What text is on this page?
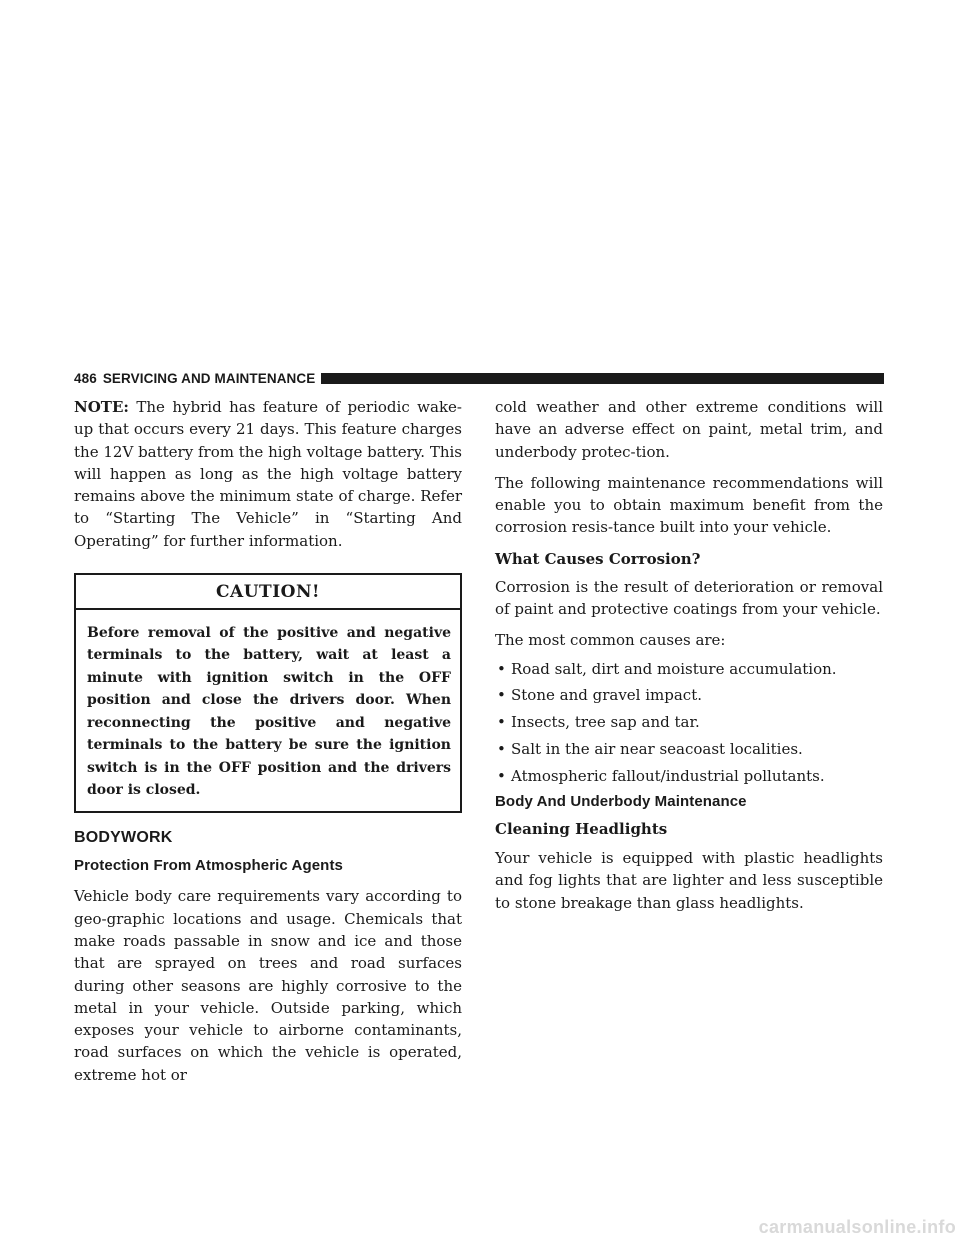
486 SERVICING AND MAINTENANCE

NOTE: The hybrid has feature of periodic wake-up that occurs every 21 days. This feature charges the 12V battery from the high voltage battery. This will happen as long as the high voltage battery remains above the minimum state of charge. Refer to “Starting The Vehicle” in “Starting And Operating” for further information.

CAUTION!
Before removal of the positive and negative terminals to the battery, wait at least a minute with ignition switch in the OFF position and close the drivers door. When reconnecting the positive and negative terminals to the battery be sure the ignition switch is in the OFF position and the drivers door is closed.
BODYWORK
Protection From Atmospheric Agents

Vehicle body care requirements vary according to geo-graphic locations and usage. Chemicals that make roads passable in snow and ice and those that are sprayed on trees and road surfaces during other seasons are highly corrosive to the metal in your vehicle. Outside parking, which exposes your vehicle to airborne contaminants, road surfaces on which the vehicle is operated, extreme hot or

cold weather and other extreme conditions will have an adverse effect on paint, metal trim, and underbody protec-tion.

The following maintenance recommendations will enable you to obtain maximum benefit from the corrosion resis-tance built into your vehicle.

What Causes Corrosion?

Corrosion is the result of deterioration or removal of paint and protective coatings from your vehicle.

The most common causes are:

• Road salt, dirt and moisture accumulation.
• Stone and gravel impact.
• Insects, tree sap and tar.
• Salt in the air near seacoast localities.
• Atmospheric fallout/industrial pollutants.
Body And Underbody Maintenance
Cleaning Headlights

Your vehicle is equipped with plastic headlights and fog lights that are lighter and less susceptible to stone breakage than glass headlights.

carmanualsonline.info
